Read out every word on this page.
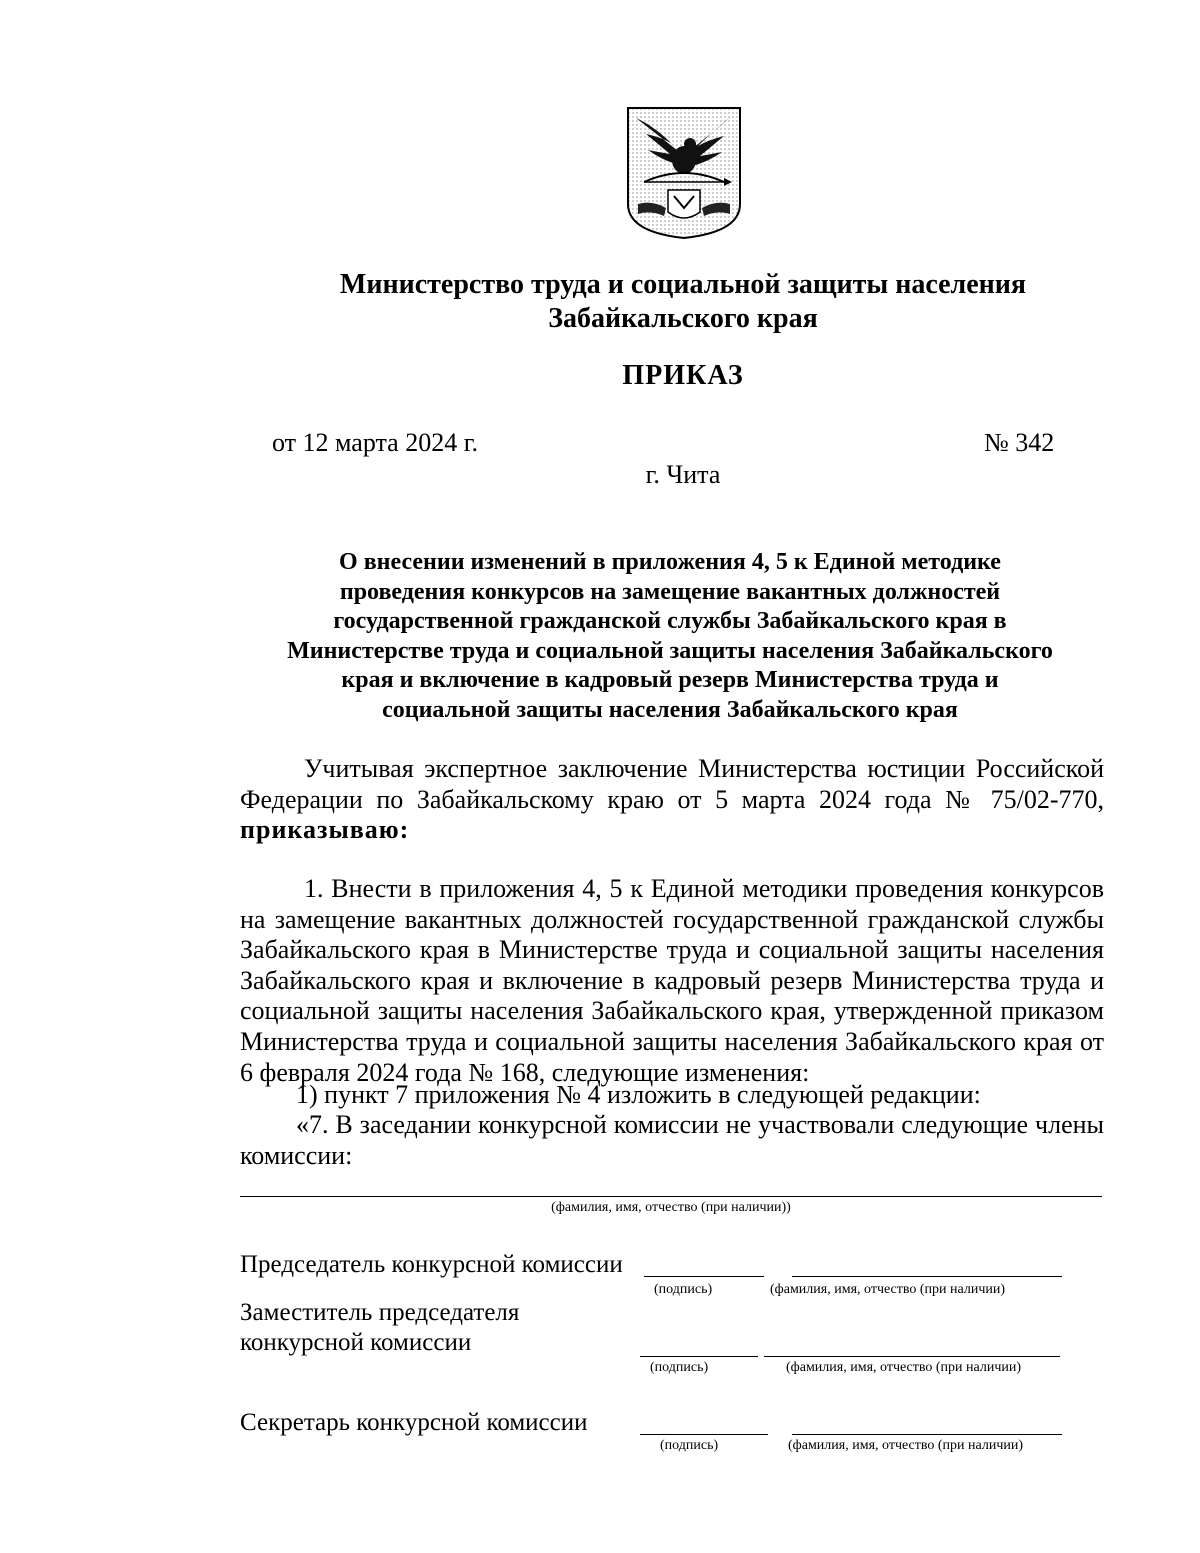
Министерство труда и социальной защиты населения
Забайкальского края
ПРИКАЗ
от 12 марта 2024 г.	№ 342
г. Чита
О внесении изменений в приложения 4, 5 к Единой методике
проведения конкурсов на замещение вакантных должностей
государственной гражданской службы Забайкальского края в
Министерстве труда и социальной защиты населения Забайкальского
края и включение в кадровый резерв Министерства труда и
социальной защиты населения Забайкальского края
Учитывая экспертное заключение Министерства юстиции Российской Федерации по Забайкальскому краю от 5 марта 2024 года № 75/02-770, приказываю:
1. Внести в приложения 4, 5 к Единой методики проведения конкурсов на замещение вакантных должностей государственной гражданской службы Забайкальского края в Министерстве труда и социальной защиты населения Забайкальского края и включение в кадровый резерв Министерства труда и социальной защиты населения Забайкальского края, утвержденной приказом Министерства труда и социальной защиты населения Забайкальского края от 6 февраля 2024 года № 168, следующие изменения:
1) пункт 7 приложения № 4 изложить в следующей редакции:
«7. В заседании конкурсной комиссии не участвовали следующие члены комиссии:
(фамилия, имя, отчество (при наличии))
Председатель конкурсной комиссии
(подпись)	(фамилия, имя, отчество (при наличии)
Заместитель председателя
конкурсной комиссии
(подпись)	(фамилия, имя, отчество (при наличии)
Секретарь конкурсной комиссии
(подпись)	(фамилия, имя, отчество (при наличии)
